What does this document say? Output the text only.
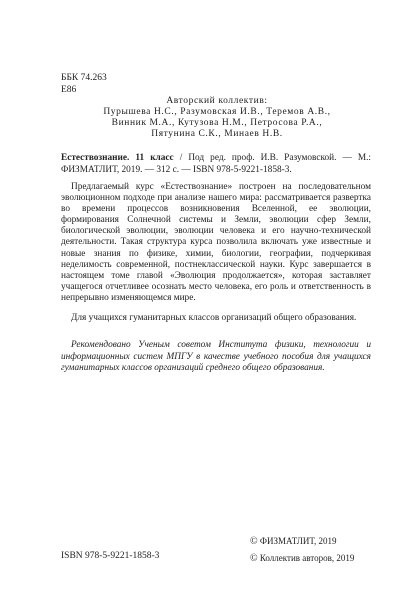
ББК 74.263
Е86
Авторский коллектив:
Пурышева Н.С., Разумовская И.В., Теремов А.В.,
Винник М.А., Кутузова Н.М., Петросова Р.А.,
Пятунина С.К., Минаев Н.В.

Естествознание. 11 класс / Под ред. проф. И.В. Разумовской. — М.: ФИЗМАТЛИТ, 2019. — 312 с. — ISBN 978-5-9221-1858-3.

Предлагаемый курс «Естествознание» построен на последовательном эволюционном подходе при анализе нашего мира: рассматривается развертка во времени процессов возникновения Вселенной, ее эволюции, формирования Солнечной системы и Земли, эволюции сфер Земли, биологической эволюции, эволюции человека и его научно-технической деятельности. Такая структура курса позволила включать уже известные и новые знания по физике, химии, биологии, географии, подчеркивая неделимость современной, постнеклассической науки. Курс завершается в настоящем томе главой «Эволюция продолжается», которая заставляет учащегося отчетливее осознать место человека, его роль и ответственность в непрерывно изменяющемся мире.

Для учащихся гуманитарных классов организаций общего образования.

Рекомендовано Ученым советом Института физики, технологии и информационных систем МПГУ в качестве учебного пособия для учащихся гуманитарных классов организаций среднего общего образования.

ISBN 978-5-9221-1858-3
© ФИЗМАТЛИТ, 2019
© Коллектив авторов, 2019
